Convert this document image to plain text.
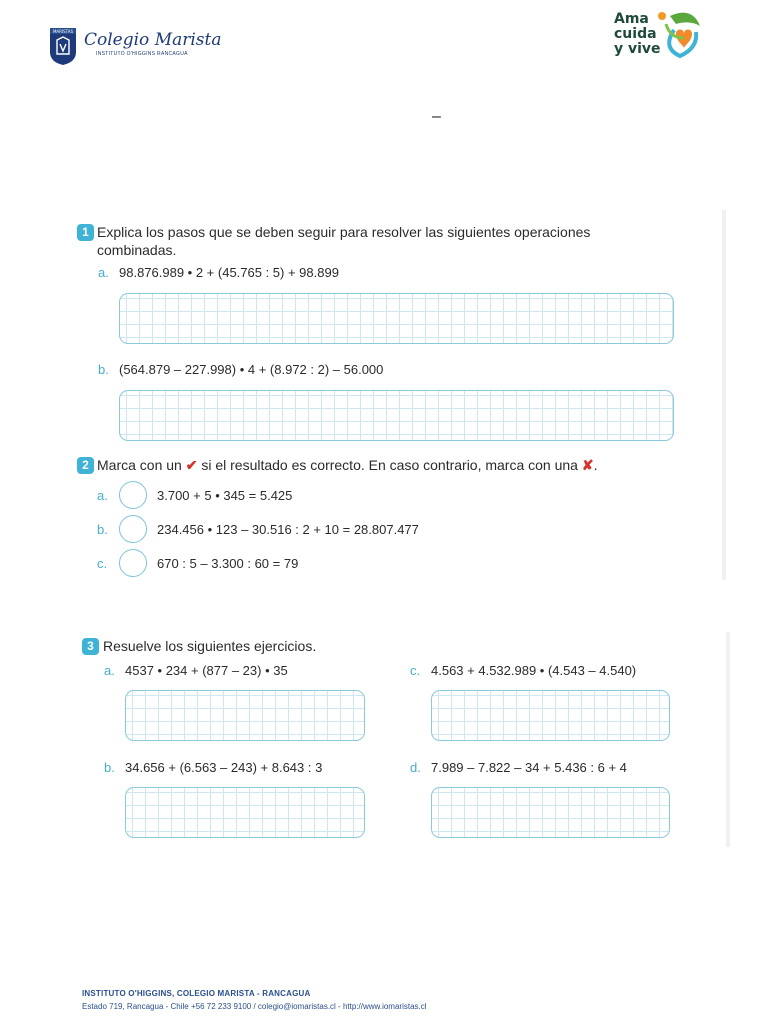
MARISTAS Colegio Marista
INSTITUTO O'HIGGINS RANCAGUA
Ama
cuida
y vive
–
1 Explica los pasos que se deben seguir para resolver las siguientes operaciones
combinadas.
a. 98.876.989 • 2 + (45.765 : 5) + 98.899
b. (564.879 – 227.998) • 4 + (8.972 : 2) – 56.000
2 Marca con un ✔ si el resultado es correcto. En caso contrario, marca con una ✘.
a.	3.700 + 5 • 345 = 5.425
b.	234.456 • 123 – 30.516 : 2 + 10 = 28.807.477
c.	670 : 5 – 3.300 : 60 = 79
3 Resuelve los siguientes ejercicios.
a. 4537 • 234 + (877 – 23) • 35	c. 4.563 + 4.532.989 • (4.543 – 4.540)
b. 34.656 + (6.563 – 243) + 8.643 : 3	d. 7.989 – 7.822 – 34 + 5.436 : 6 + 4
INSTITUTO O'HIGGINS, COLEGIO MARISTA - RANCAGUA
Estado 719, Rancagua - Chile +56 72 233 9100 / colegio@iomaristas.cl - http://www.iomaristas.cl
